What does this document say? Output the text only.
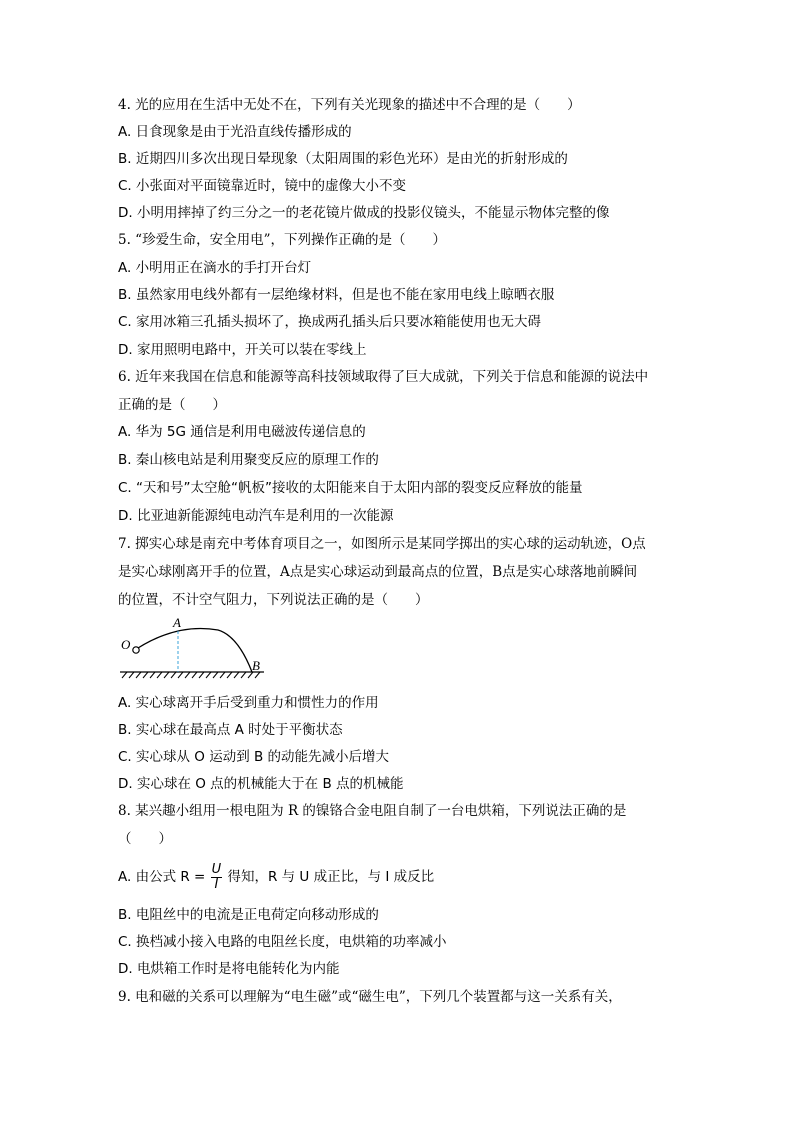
4. 光的应用在生活中无处不在，下列有关光现象的描述中不合理的是（　　）
A. 日食现象是由于光沿直线传播形成的
B. 近期四川多次出现日晕现象（太阳周围的彩色光环）是由光的折射形成的
C. 小张面对平面镜靠近时，镜中的虚像大小不变
D. 小明用摔掉了约三分之一的老花镜片做成的投影仪镜头，不能显示物体完整的像
5. “珍爱生命，安全用电”，下列操作正确的是（　　）
A. 小明用正在滴水的手打开台灯
B. 虽然家用电线外都有一层绝缘材料，但是也不能在家用电线上晾晒衣服
C. 家用冰箱三孔插头损坏了，换成两孔插头后只要冰箱能使用也无大碍
D. 家用照明电路中，开关可以装在零线上
6. 近年来我国在信息和能源等高科技领域取得了巨大成就，下列关于信息和能源的说法中
正确的是（　　）
A. 华为 5G 通信是利用电磁波传递信息的
B. 秦山核电站是利用聚变反应的原理工作的
C. “天和号”太空舱“帆板”接收的太阳能来自于太阳内部的裂变反应释放的能量
D. 比亚迪新能源纯电动汽车是利用的一次能源
7. 掷实心球是南充中考体育项目之一，如图所示是某同学掷出的实心球的运动轨迹，O点
是实心球刚离开手的位置，A点是实心球运动到最高点的位置，B点是实心球落地前瞬间
的位置，不计空气阻力，下列说法正确的是（　　）
O
A
B
A. 实心球离开手后受到重力和惯性力的作用
B. 实心球在最高点 A 时处于平衡状态
C. 实心球从 O 运动到 B 的动能先减小后增大
D. 实心球在 O 点的机械能大于在 B 点的机械能
8. 某兴趣小组用一根电阻为 R 的镍铬合金电阻自制了一台电烘箱，下列说法正确的是
（　　）
A. 由公式 $R = \frac{U}{I}$ 得知，R 与 U 成正比，与 I 成反比
B. 电阻丝中的电流是正电荷定向移动形成的
C. 换档减小接入电路的电阻丝长度，电烘箱的功率减小
D. 电烘箱工作时是将电能转化为内能
9. 电和磁的关系可以理解为“电生磁”或“磁生电”，下列几个装置都与这一关系有关，
